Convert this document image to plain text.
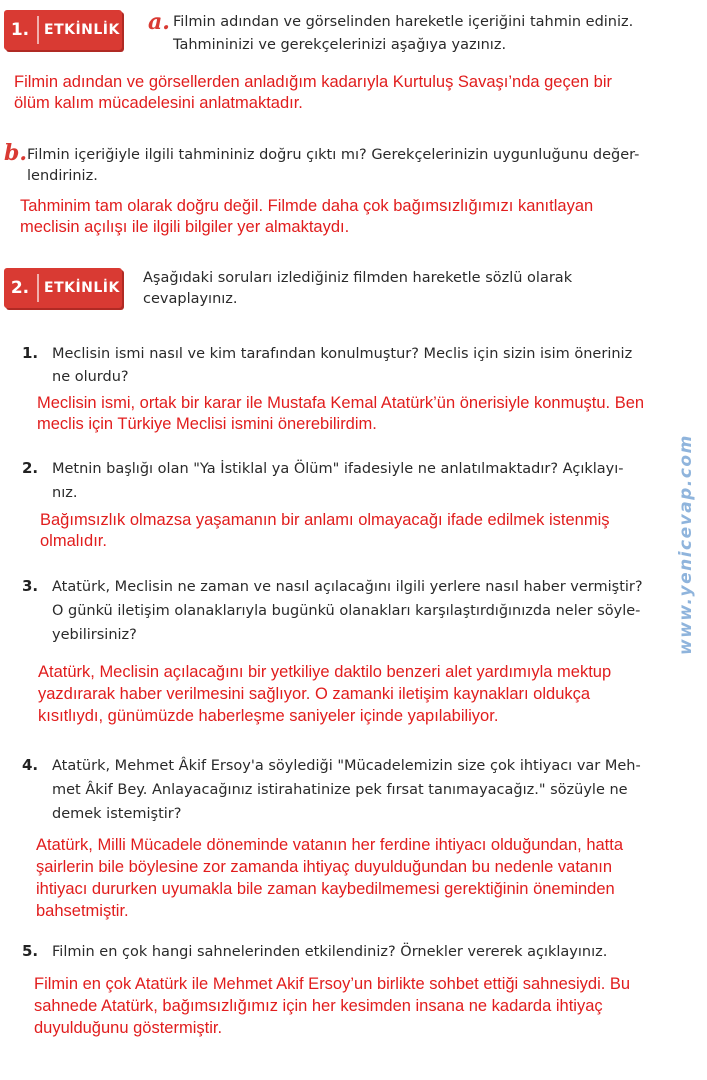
1.	ETKİNLİK a. Filmin adından ve görselinden hareketle içeriğini tahmin ediniz.
Tahmininizi ve gerekçelerinizi aşağıya yazınız.
Filmin adından ve görsellerden anladığım kadarıyla Kurtuluş Savaşı’nda geçen bir
ölüm kalım mücadelesini anlatmaktadır.
b. Filmin içeriğiyle ilgili tahmininiz doğru çıktı mı? Gerekçelerinizin uygunluğunu değer-
lendiriniz.
Tahminim tam olarak doğru değil. Filmde daha çok bağımsızlığımızı kanıtlayan
meclisin açılışı ile ilgili bilgiler yer almaktaydı.
2.	ETKİNLİK
Aşağıdaki soruları izlediğiniz filmden hareketle sözlü olarak
cevaplayınız.
1. Meclisin ismi nasıl ve kim tarafından konulmuştur? Meclis için sizin isim öneriniz
ne olurdu?
Meclisin ismi, ortak bir karar ile Mustafa Kemal Atatürk’ün önerisiyle konmuştu. Ben
meclis için Türkiye Meclisi ismini önerebilirdim.
2. Metnin başlığı olan "Ya İstiklal ya Ölüm" ifadesiyle ne anlatılmaktadır? Açıklayı-
nız.
Bağımsızlık olmazsa yaşamanın bir anlamı olmayacağı ifade edilmek istenmiş
olmalıdır.
3. Atatürk, Meclisin ne zaman ve nasıl açılacağını ilgili yerlere nasıl haber vermiştir?
O günkü iletişim olanaklarıyla bugünkü olanakları karşılaştırdığınızda neler söyle-
yebilirsiniz?
Atatürk, Meclisin açılacağını bir yetkiliye daktilo benzeri alet yardımıyla mektup
yazdırarak haber verilmesini sağlıyor. O zamanki iletişim kaynakları oldukça
kısıtlıydı, günümüzde haberleşme saniyeler içinde yapılabiliyor.
4. Atatürk, Mehmet Âkif Ersoy'a söylediği "Mücadelemizin size çok ihtiyacı var Meh-
met Âkif Bey. Anlayacağınız istirahatinize pek fırsat tanımayacağız." sözüyle ne
demek istemiştir?
Atatürk, Milli Mücadele döneminde vatanın her ferdine ihtiyacı olduğundan, hatta
şairlerin bile böylesine zor zamanda ihtiyaç duyulduğundan bu nedenle vatanın
ihtiyacı dururken uyumakla bile zaman kaybedilmemesi gerektiğinin öneminden
bahsetmiştir.
5. Filmin en çok hangi sahnelerinden etkilendiniz? Örnekler vererek açıklayınız.
Filmin en çok Atatürk ile Mehmet Akif Ersoy’un birlikte sohbet ettiği sahnesiydi. Bu
sahnede Atatürk, bağımsızlığımız için her kesimden insana ne kadarda ihtiyaç
duyulduğunu göstermiştir.
www.yenicevap.com
